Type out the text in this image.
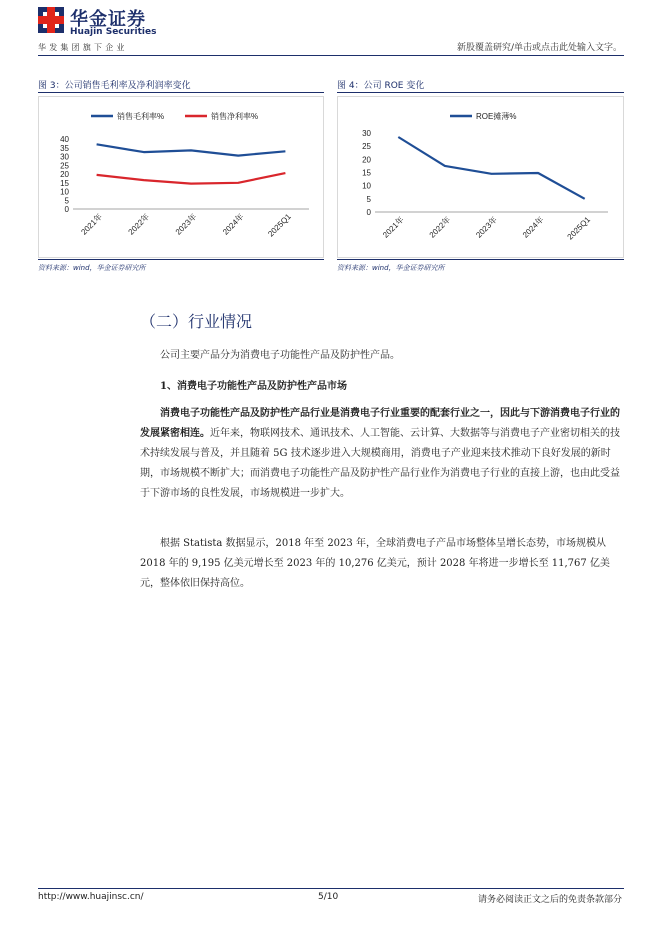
华金证券
Huajin Securities
华发集团旗下企业	新股覆盖研究/单击或点击此处输入文字。
图 3：公司销售毛利率及净利润率变化
销售毛利率%	销售净利率%
0
5
10
15
20
25
30
35
40
2021年	2022年	2023年	2024年	2025Q1
资料来源：wind，华金证券研究所
图 4：公司 ROE 变化
ROE摊薄%
0
5
10
15
20
25
30
2021年	2022年	2023年	2024年	2025Q1
资料来源：wind，华金证券研究所
（二）行业情况
公司主要产品分为消费电子功能性产品及防护性产品。
1、消费电子功能性产品及防护性产品市场
消费电子功能性产品及防护性产品行业是消费电子行业重要的配套行业之一，因此与下游消费电子行业的发展紧密相连。近年来，物联网技术、通讯技术、人工智能、云计算、大数据等与消费电子产业密切相关的技术持续发展与普及，并且随着 5G 技术逐步进入大规模商用，消费电子产业迎来技术推动下良好发展的新时期，市场规模不断扩大；而消费电子功能性产品及防护性产品行业作为消费电子行业的直接上游，也由此受益于下游市场的良性发展，市场规模进一步扩大。
根据 Statista 数据显示，2018 年至 2023 年，全球消费电子产品市场整体呈增长态势，市场规模从 2018 年的 9,195 亿美元增长至 2023 年的 10,276 亿美元，预计 2028 年将进一步增长至 11,767 亿美元，整体依旧保持高位。
http://www.huajinsc.cn/	5/10	请务必阅读正文之后的免责条款部分
